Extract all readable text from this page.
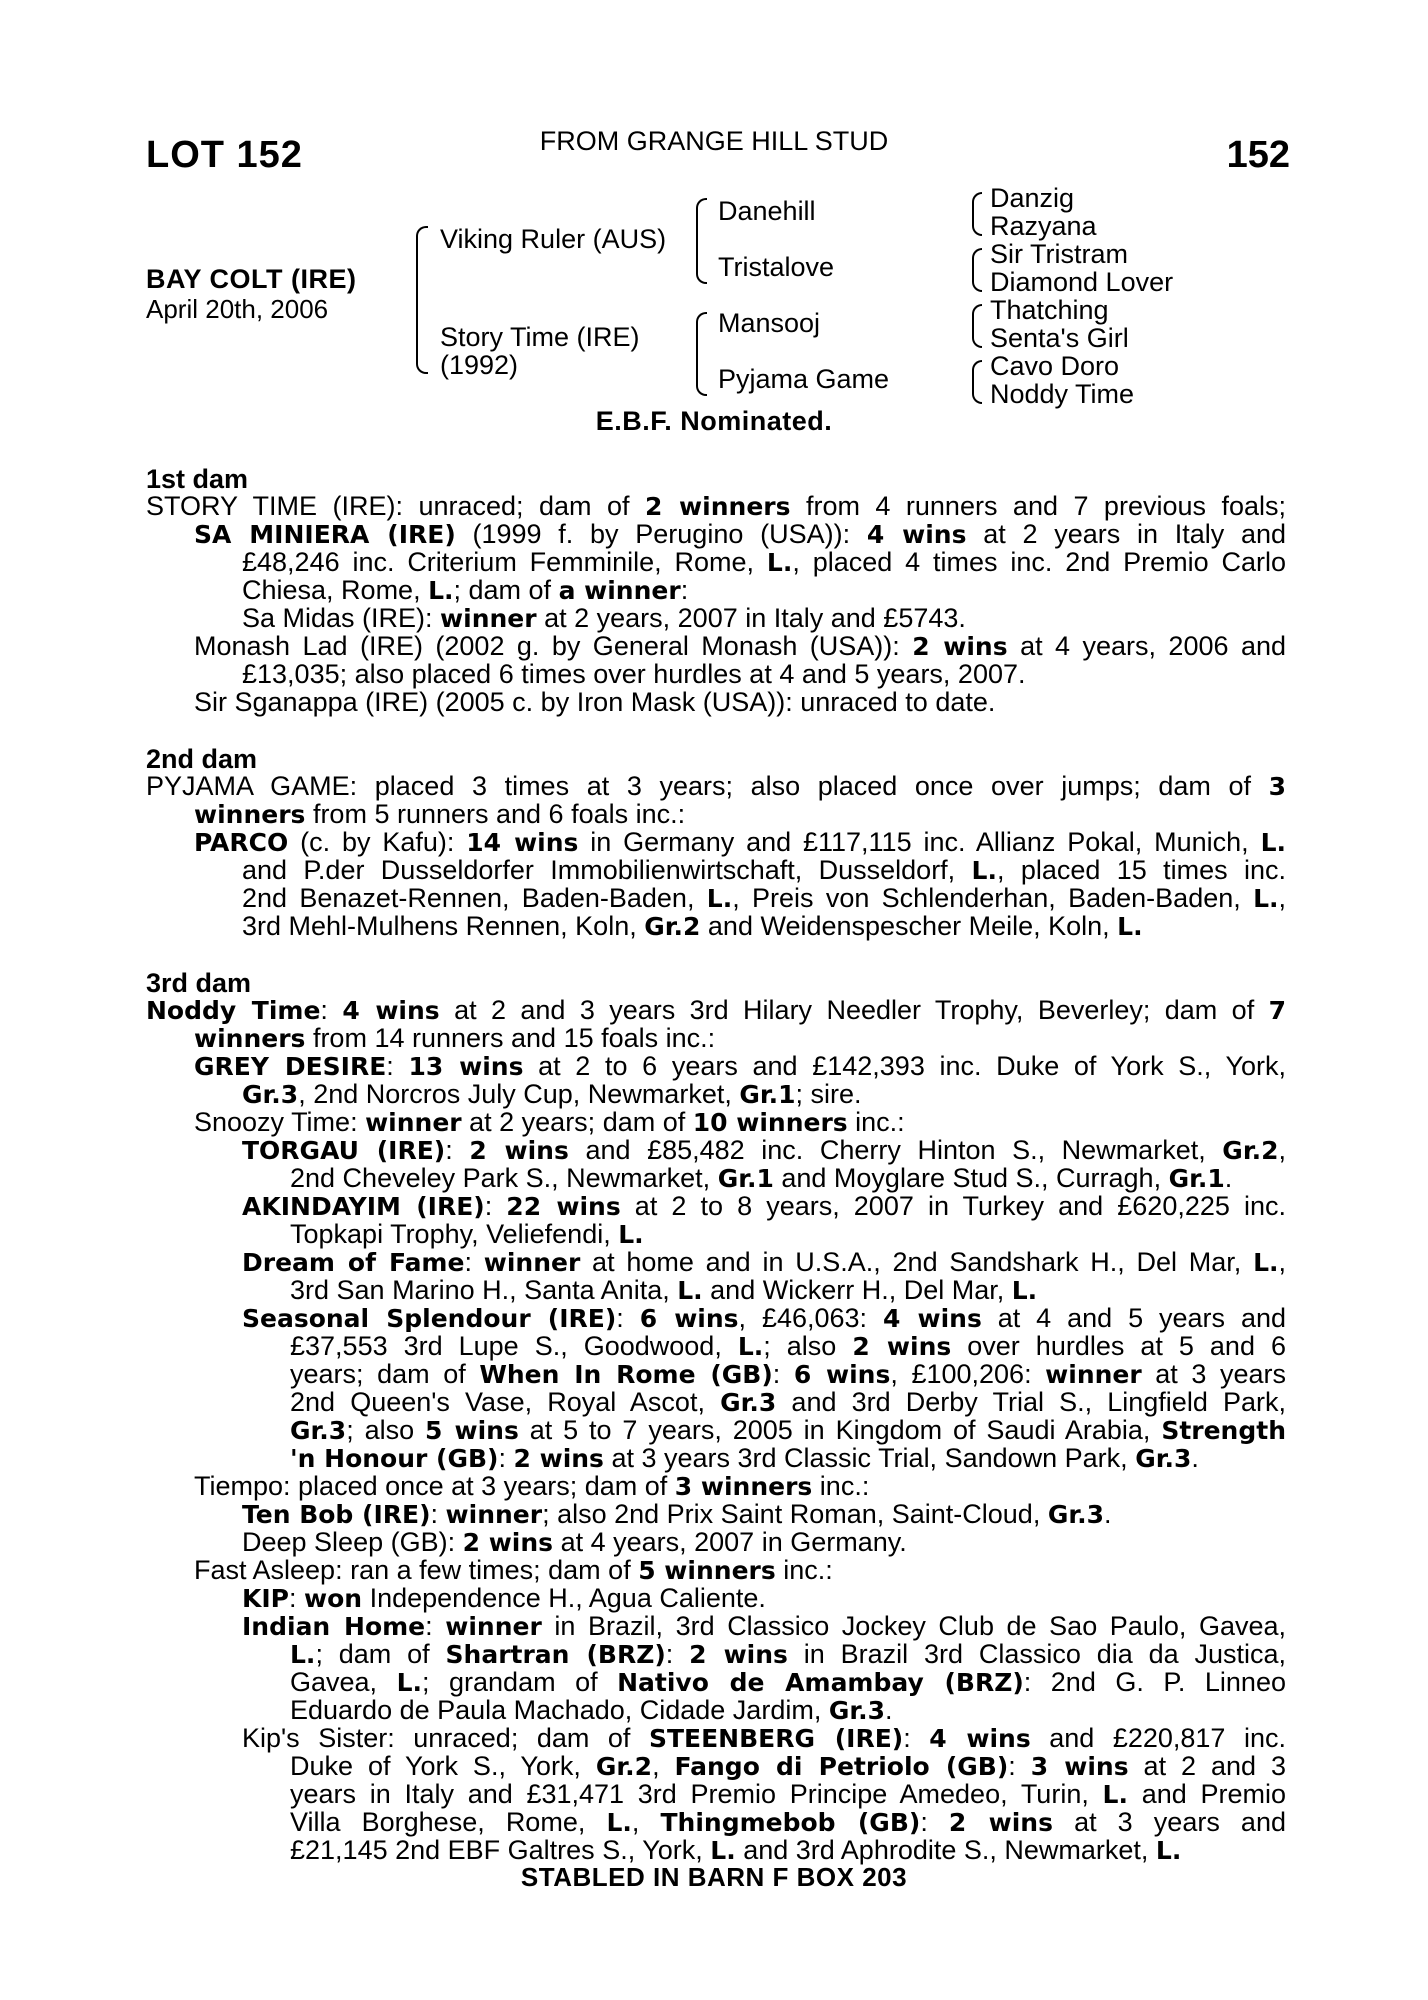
LOT 152	FROM GRANGE HILL STUD	152
BAY COLT (IRE)
April 20th, 2006
Viking Ruler (AUS)
Story Time (IRE)
(1992)
Danehill
Tristalove
Mansooj
Pyjama Game
Danzig
Razyana
Sir Tristram
Diamond Lover
Thatching
Senta's Girl
Cavo Doro
Noddy Time
E.B.F. Nominated.
1st dam
STORY TIME (IRE): unraced; dam of 2 winners from 4 runners and 7 previous foals;
SA MINIERA (IRE) (1999 f. by Perugino (USA)): 4 wins at 2 years in Italy and
£48,246 inc. Criterium Femminile, Rome, L., placed 4 times inc. 2nd Premio Carlo
Chiesa, Rome, L.; dam of a winner:
Sa Midas (IRE): winner at 2 years, 2007 in Italy and £5743.
Monash Lad (IRE) (2002 g. by General Monash (USA)): 2 wins at 4 years, 2006 and
£13,035; also placed 6 times over hurdles at 4 and 5 years, 2007.
Sir Sganappa (IRE) (2005 c. by Iron Mask (USA)): unraced to date.
2nd dam
PYJAMA GAME: placed 3 times at 3 years; also placed once over jumps; dam of 3
winners from 5 runners and 6 foals inc.:
PARCO (c. by Kafu): 14 wins in Germany and £117,115 inc. Allianz Pokal, Munich, L.
and P.der Dusseldorfer Immobilienwirtschaft, Dusseldorf, L., placed 15 times inc.
2nd Benazet-Rennen, Baden-Baden, L., Preis von Schlenderhan, Baden-Baden, L.,
3rd Mehl-Mulhens Rennen, Koln, Gr.2 and Weidenspescher Meile, Koln, L.
3rd dam
Noddy Time: 4 wins at 2 and 3 years 3rd Hilary Needler Trophy, Beverley; dam of 7
winners from 14 runners and 15 foals inc.:
GREY DESIRE: 13 wins at 2 to 6 years and £142,393 inc. Duke of York S., York,
Gr.3, 2nd Norcros July Cup, Newmarket, Gr.1; sire.
Snoozy Time: winner at 2 years; dam of 10 winners inc.:
TORGAU (IRE): 2 wins and £85,482 inc. Cherry Hinton S., Newmarket, Gr.2,
2nd Cheveley Park S., Newmarket, Gr.1 and Moyglare Stud S., Curragh, Gr.1.
AKINDAYIM (IRE): 22 wins at 2 to 8 years, 2007 in Turkey and £620,225 inc.
Topkapi Trophy, Veliefendi, L.
Dream of Fame: winner at home and in U.S.A., 2nd Sandshark H., Del Mar, L.,
3rd San Marino H., Santa Anita, L. and Wickerr H., Del Mar, L.
Seasonal Splendour (IRE): 6 wins, £46,063: 4 wins at 4 and 5 years and
£37,553 3rd Lupe S., Goodwood, L.; also 2 wins over hurdles at 5 and 6
years; dam of When In Rome (GB): 6 wins, £100,206: winner at 3 years
2nd Queen's Vase, Royal Ascot, Gr.3 and 3rd Derby Trial S., Lingfield Park,
Gr.3; also 5 wins at 5 to 7 years, 2005 in Kingdom of Saudi Arabia, Strength
'n Honour (GB): 2 wins at 3 years 3rd Classic Trial, Sandown Park, Gr.3.
Tiempo: placed once at 3 years; dam of 3 winners inc.:
Ten Bob (IRE): winner; also 2nd Prix Saint Roman, Saint-Cloud, Gr.3.
Deep Sleep (GB): 2 wins at 4 years, 2007 in Germany.
Fast Asleep: ran a few times; dam of 5 winners inc.:
KIP: won Independence H., Agua Caliente.
Indian Home: winner in Brazil, 3rd Classico Jockey Club de Sao Paulo, Gavea,
L.; dam of Shartran (BRZ): 2 wins in Brazil 3rd Classico dia da Justica,
Gavea, L.; grandam of Nativo de Amambay (BRZ): 2nd G. P. Linneo
Eduardo de Paula Machado, Cidade Jardim, Gr.3.
Kip's Sister: unraced; dam of STEENBERG (IRE): 4 wins and £220,817 inc.
Duke of York S., York, Gr.2, Fango di Petriolo (GB): 3 wins at 2 and 3
years in Italy and £31,471 3rd Premio Principe Amedeo, Turin, L. and Premio
Villa Borghese, Rome, L., Thingmebob (GB): 2 wins at 3 years and
£21,145 2nd EBF Galtres S., York, L. and 3rd Aphrodite S., Newmarket, L.
STABLED IN BARN F BOX 203
